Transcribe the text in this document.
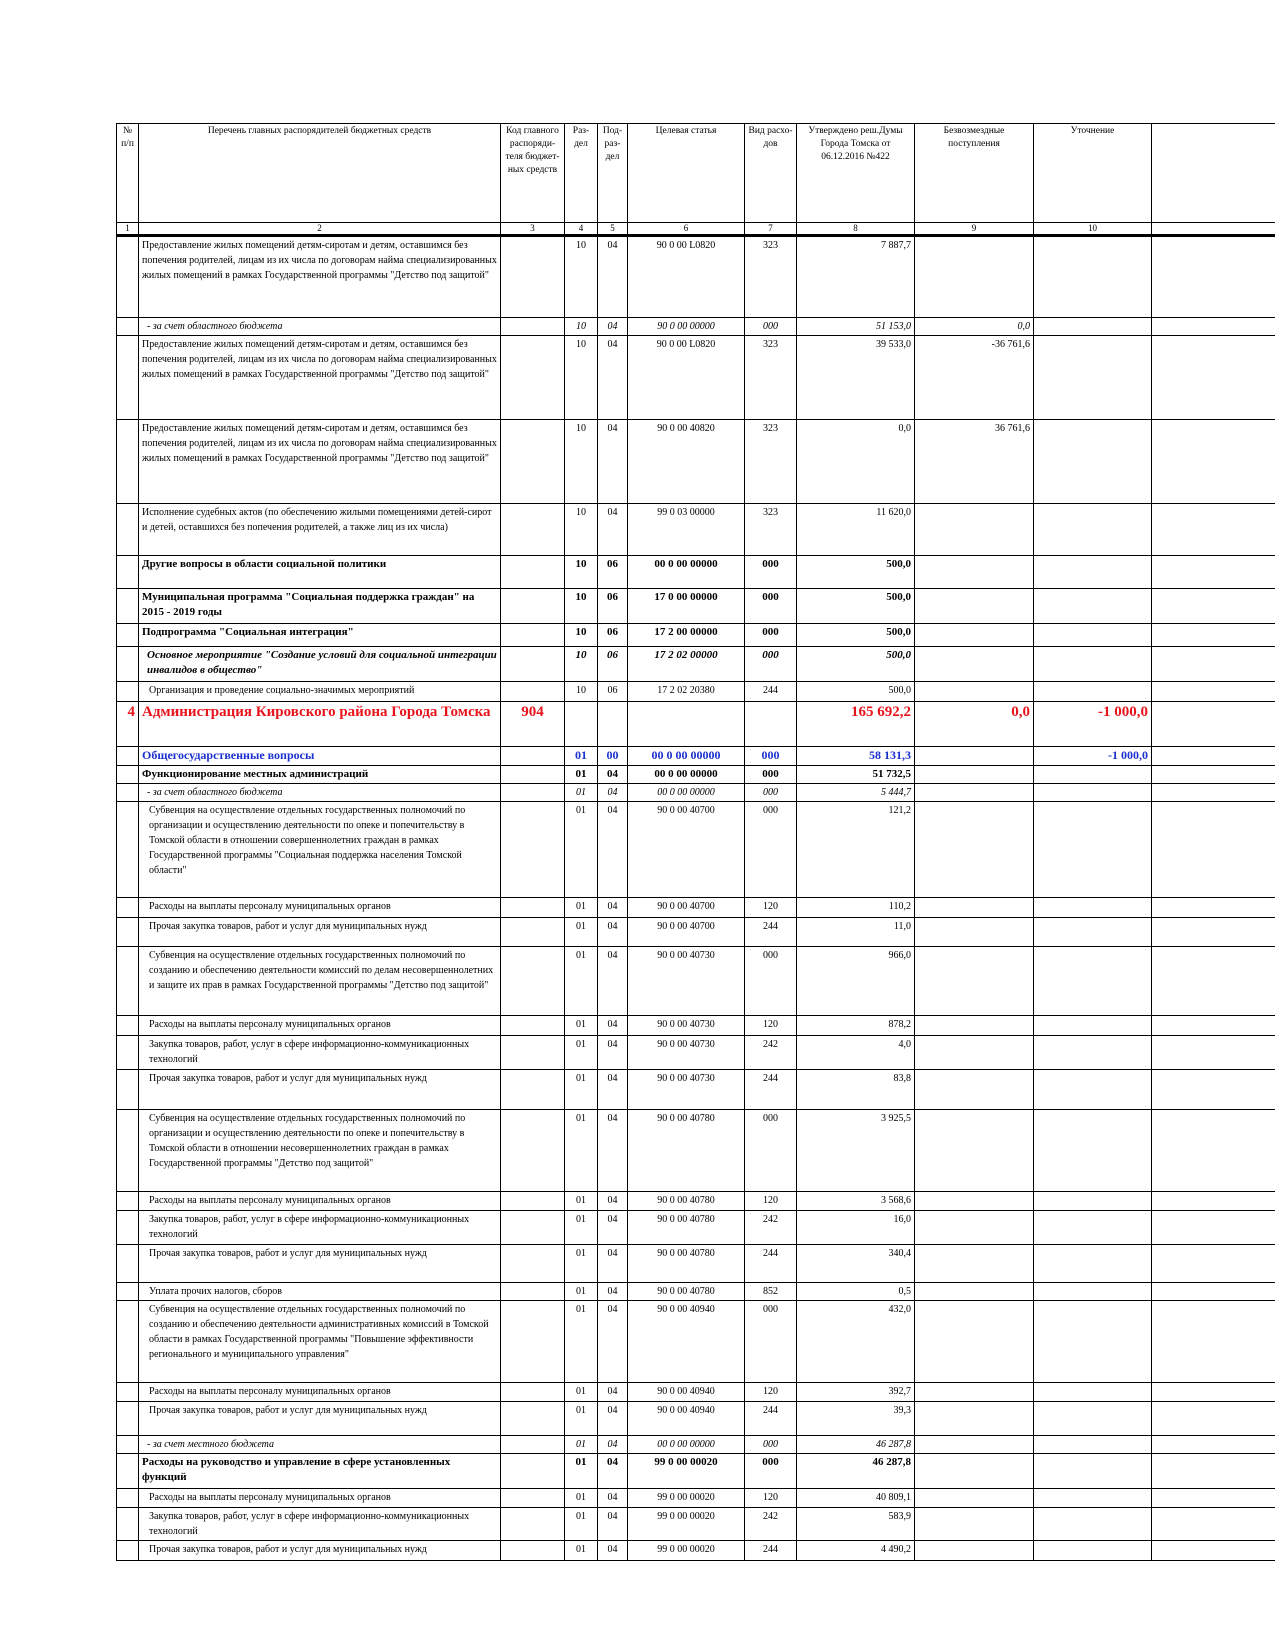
№ п/п	Перечень главных распорядителей бюджетных средств	Код главного распоряди-теля бюджет-ных средств	Раз-дел	Под-раз-дел	Целевая статья	Вид расхо-дов	Утверждено реш.Думы Города Томска от 06.12.2016 №422	Безвозмездные поступления	Уточнение	
1	2	3	4	5	6	7	8	9	10	
	Предоставление жилых помещений детям-сиротам и детям, оставшимся без попечения родителей, лицам из их числа по договорам найма специализированных жилых помещений в рамках Государственной программы "Детство под защитой"		10	04	90 0 00 L0820	323	7 887,7			
	- за счет областного бюджета		10	04	90 0 00 00000	000	51 153,0	0,0		
	Предоставление жилых помещений детям-сиротам и детям, оставшимся без попечения родителей, лицам из их числа по договорам найма специализированных жилых помещений в рамках Государственной программы "Детство под защитой"		10	04	90 0 00 L0820	323	39 533,0	-36 761,6		
	Предоставление жилых помещений детям-сиротам и детям, оставшимся без попечения родителей, лицам из их числа по договорам найма специализированных жилых помещений в рамках Государственной программы "Детство под защитой"		10	04	90 0 00 40820	323	0,0	36 761,6		
	Исполнение судебных актов (по обеспечению жилыми помещениями детей-сирот и детей, оставшихся без попечения родителей, а также лиц из их числа)		10	04	99 0 03 00000	323	11 620,0			
	Другие вопросы в области социальной политики		10	06	00 0 00 00000	000	500,0			
	Муниципальная программа "Социальная поддержка граждан" на 2015 - 2019 годы		10	06	17 0 00 00000	000	500,0			
	Подпрограмма "Социальная интеграция"		10	06	17 2 00 00000	000	500,0			
	Основное мероприятие "Создание условий для социальной интеграции инвалидов в общество"		10	06	17 2 02 00000	000	500,0			
	Организация и проведение социально-значимых мероприятий		10	06	17 2 02 20380	244	500,0			
4	Администрация Кировского района Города Томска	904					165 692,2	0,0	-1 000,0	
	Общегосударственные вопросы		01	00	00 0 00 00000	000	58 131,3		-1 000,0	
	Функционирование местных администраций		01	04	00 0 00 00000	000	51 732,5			
	- за счет областного бюджета		01	04	00 0 00 00000	000	5 444,7			
	Субвенция на осуществление отдельных государственных полномочий по организации и осуществлению деятельности по опеке и попечительству в Томской области в отношении совершеннолетних граждан в рамках Государственной программы "Социальная поддержка населения Томской области"		01	04	90 0 00 40700	000	121,2			
	Расходы на выплаты персоналу муниципальных органов		01	04	90 0 00 40700	120	110,2			
	Прочая закупка товаров, работ и услуг для муниципальных нужд		01	04	90 0 00 40700	244	11,0			
	Субвенция на осуществление отдельных государственных полномочий по созданию и обеспечению деятельности комиссий по делам несовершеннолетних и защите их прав в рамках Государственной программы "Детство под защитой"		01	04	90 0 00 40730	000	966,0			
	Расходы на выплаты персоналу муниципальных органов		01	04	90 0 00 40730	120	878,2			
	Закупка товаров, работ, услуг в сфере информационно-коммуникационных технологий		01	04	90 0 00 40730	242	4,0			
	Прочая закупка товаров, работ и услуг для муниципальных нужд		01	04	90 0 00 40730	244	83,8			
	Субвенция на осуществление отдельных государственных полномочий по организации и осуществлению деятельности по опеке и попечительству в Томской области в отношении несовершеннолетних граждан в рамках Государственной программы "Детство под защитой"		01	04	90 0 00 40780	000	3 925,5			
	Расходы на выплаты персоналу муниципальных органов		01	04	90 0 00 40780	120	3 568,6			
	Закупка товаров, работ, услуг в сфере информационно-коммуникационных технологий		01	04	90 0 00 40780	242	16,0			
	Прочая закупка товаров, работ и услуг для муниципальных нужд		01	04	90 0 00 40780	244	340,4			
	Уплата прочих налогов, сборов		01	04	90 0 00 40780	852	0,5			
	Субвенция на осуществление отдельных государственных полномочий по созданию и обеспечению деятельности административных комиссий в Томской области в рамках Государственной программы "Повышение эффективности регионального и муниципального управления"		01	04	90 0 00 40940	000	432,0			
	Расходы на выплаты персоналу муниципальных органов		01	04	90 0 00 40940	120	392,7			
	Прочая закупка товаров, работ и услуг для муниципальных нужд		01	04	90 0 00 40940	244	39,3			
	- за счет местного бюджета		01	04	00 0 00 00000	000	46 287,8			
	Расходы на руководство и управление в сфере установленных функций		01	04	99 0 00 00020	000	46 287,8			
	Расходы на выплаты персоналу муниципальных органов		01	04	99 0 00 00020	120	40 809,1			
	Закупка товаров, работ, услуг в сфере информационно-коммуникационных технологий		01	04	99 0 00 00020	242	583,9			
	Прочая закупка товаров, работ и услуг для муниципальных нужд		01	04	99 0 00 00020	244	4 490,2			
